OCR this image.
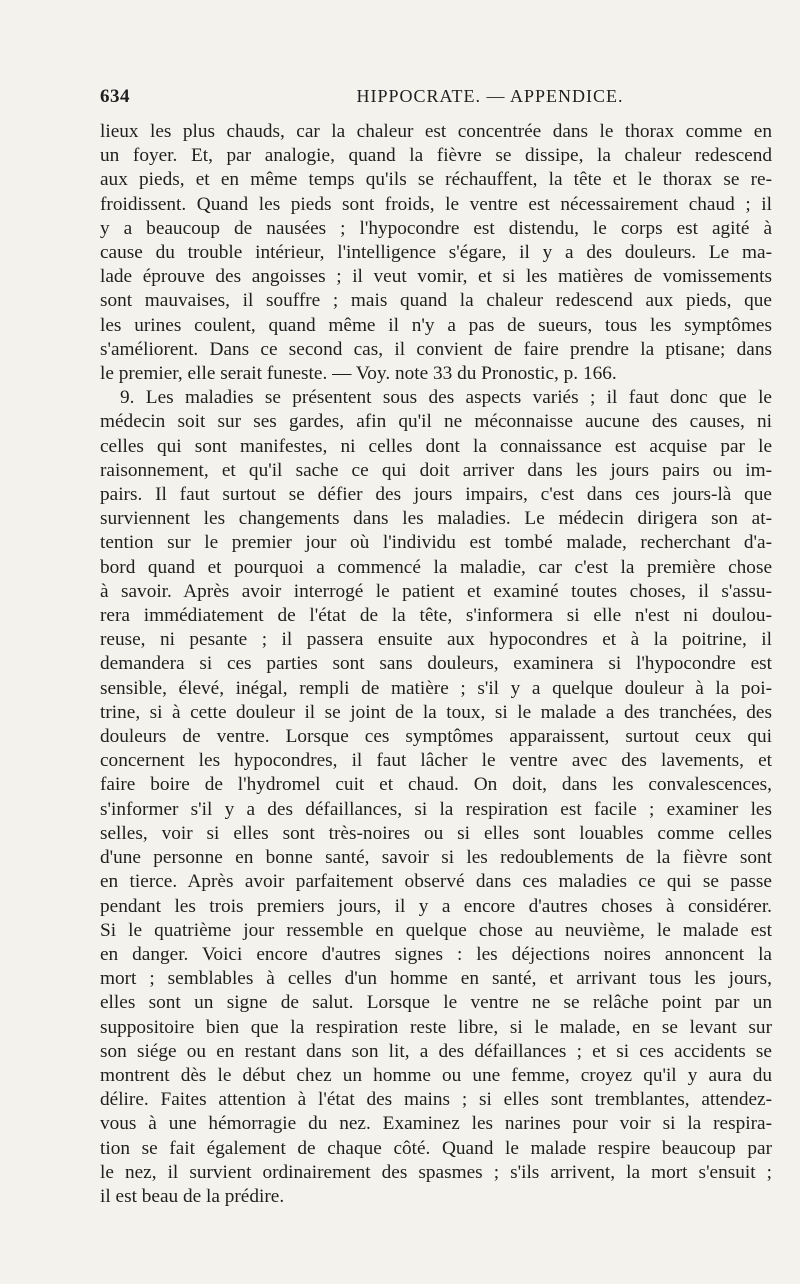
634	HIPPOCRATE. — APPENDICE.
lieux les plus chauds, car la chaleur est concentrée dans le thorax comme en
un foyer. Et, par analogie, quand la fièvre se dissipe, la chaleur redescend
aux pieds, et en même temps qu'ils se réchauffent, la tête et le thorax se re-
froidissent. Quand les pieds sont froids, le ventre est nécessairement chaud ; il
y a beaucoup de nausées ; l'hypocondre est distendu, le corps est agité à
cause du trouble intérieur, l'intelligence s'égare, il y a des douleurs. Le ma-
lade éprouve des angoisses ; il veut vomir, et si les matières de vomissements
sont mauvaises, il souffre ; mais quand la chaleur redescend aux pieds, que
les urines coulent, quand même il n'y a pas de sueurs, tous les symptômes
s'améliorent. Dans ce second cas, il convient de faire prendre la ptisane; dans
le premier, elle serait funeste. — Voy. note 33 du Pronostic, p. 166.
9. Les maladies se présentent sous des aspects variés ; il faut donc que le
médecin soit sur ses gardes, afin qu'il ne méconnaisse aucune des causes, ni
celles qui sont manifestes, ni celles dont la connaissance est acquise par le
raisonnement, et qu'il sache ce qui doit arriver dans les jours pairs ou im-
pairs. Il faut surtout se défier des jours impairs, c'est dans ces jours-là que
surviennent les changements dans les maladies. Le médecin dirigera son at-
tention sur le premier jour où l'individu est tombé malade, recherchant d'a-
bord quand et pourquoi a commencé la maladie, car c'est la première chose
à savoir. Après avoir interrogé le patient et examiné toutes choses, il s'assu-
rera immédiatement de l'état de la tête, s'informera si elle n'est ni doulou-
reuse, ni pesante ; il passera ensuite aux hypocondres et à la poitrine, il
demandera si ces parties sont sans douleurs, examinera si l'hypocondre est
sensible, élevé, inégal, rempli de matière ; s'il y a quelque douleur à la poi-
trine, si à cette douleur il se joint de la toux, si le malade a des tranchées, des
douleurs de ventre. Lorsque ces symptômes apparaissent, surtout ceux qui
concernent les hypocondres, il faut lâcher le ventre avec des lavements, et
faire boire de l'hydromel cuit et chaud. On doit, dans les convalescences,
s'informer s'il y a des défaillances, si la respiration est facile ; examiner les
selles, voir si elles sont très-noires ou si elles sont louables comme celles
d'une personne en bonne santé, savoir si les redoublements de la fièvre sont
en tierce. Après avoir parfaitement observé dans ces maladies ce qui se passe
pendant les trois premiers jours, il y a encore d'autres choses à considérer.
Si le quatrième jour ressemble en quelque chose au neuvième, le malade est
en danger. Voici encore d'autres signes : les déjections noires annoncent la
mort ; semblables à celles d'un homme en santé, et arrivant tous les jours,
elles sont un signe de salut. Lorsque le ventre ne se relâche point par un
suppositoire bien que la respiration reste libre, si le malade, en se levant sur
son siége ou en restant dans son lit, a des défaillances ; et si ces accidents se
montrent dès le début chez un homme ou une femme, croyez qu'il y aura du
délire. Faites attention à l'état des mains ; si elles sont tremblantes, attendez-
vous à une hémorragie du nez. Examinez les narines pour voir si la respira-
tion se fait également de chaque côté. Quand le malade respire beaucoup par
le nez, il survient ordinairement des spasmes ; s'ils arrivent, la mort s'ensuit ;
il est beau de la prédire.
